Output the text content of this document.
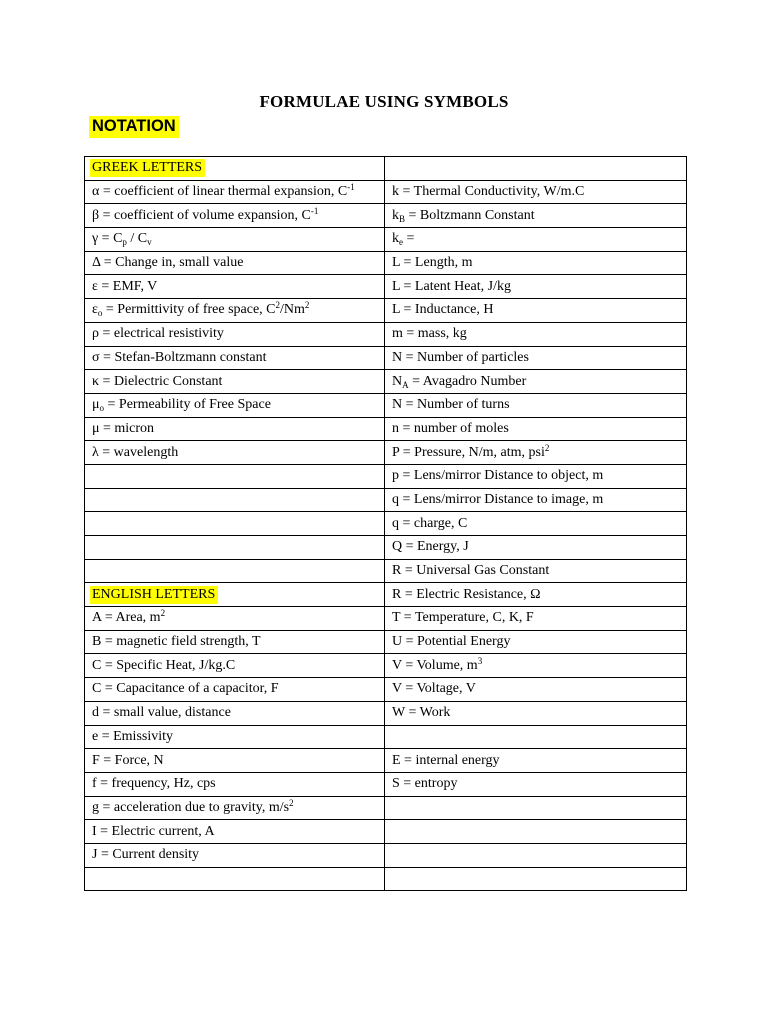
FORMULAE USING SYMBOLS
NOTATION
GREEK LETTERS	
α = coefficient of linear thermal expansion, $C^{-1}$	k = Thermal Conductivity, W/m.C
β = coefficient of volume expansion, $C^{-1}$	$k_B$ = Boltzmann Constant
$\gamma = C_p / C_v$	$k_e$ =
Δ = Change in, small value	L = Length, m
ε = EMF, V	L = Latent Heat, J/kg
$\varepsilon_o$ = Permittivity of free space, $C^2/Nm^2$	L = Inductance, H
ρ = electrical resistivity	m = mass, kg
σ = Stefan-Boltzmann constant	N = Number of particles
κ = Dielectric Constant	$N_A$ = Avagadro Number
$\mu_o$ = Permeability of Free Space	N = Number of turns
μ = micron	n = number of moles
λ = wavelength	P = Pressure, N/m, atm, psi$^2$
	p = Lens/mirror Distance to object, m
	q = Lens/mirror Distance to image, m
	q = charge, C
	Q = Energy, J
	R = Universal Gas Constant
ENGLISH LETTERS	R = Electric Resistance, Ω
A = Area, $m^2$	T = Temperature, C, K, F
B = magnetic field strength, T	U = Potential Energy
C = Specific Heat, J/kg.C	V = Volume, $m^3$
C = Capacitance of a capacitor, F	V = Voltage, V
d = small value, distance	W = Work
e = Emissivity	
F = Force, N	E = internal energy
f = frequency, Hz, cps	S = entropy
g = acceleration due to gravity, $m/s^2$	
I = Electric current, A	
J = Current density	
